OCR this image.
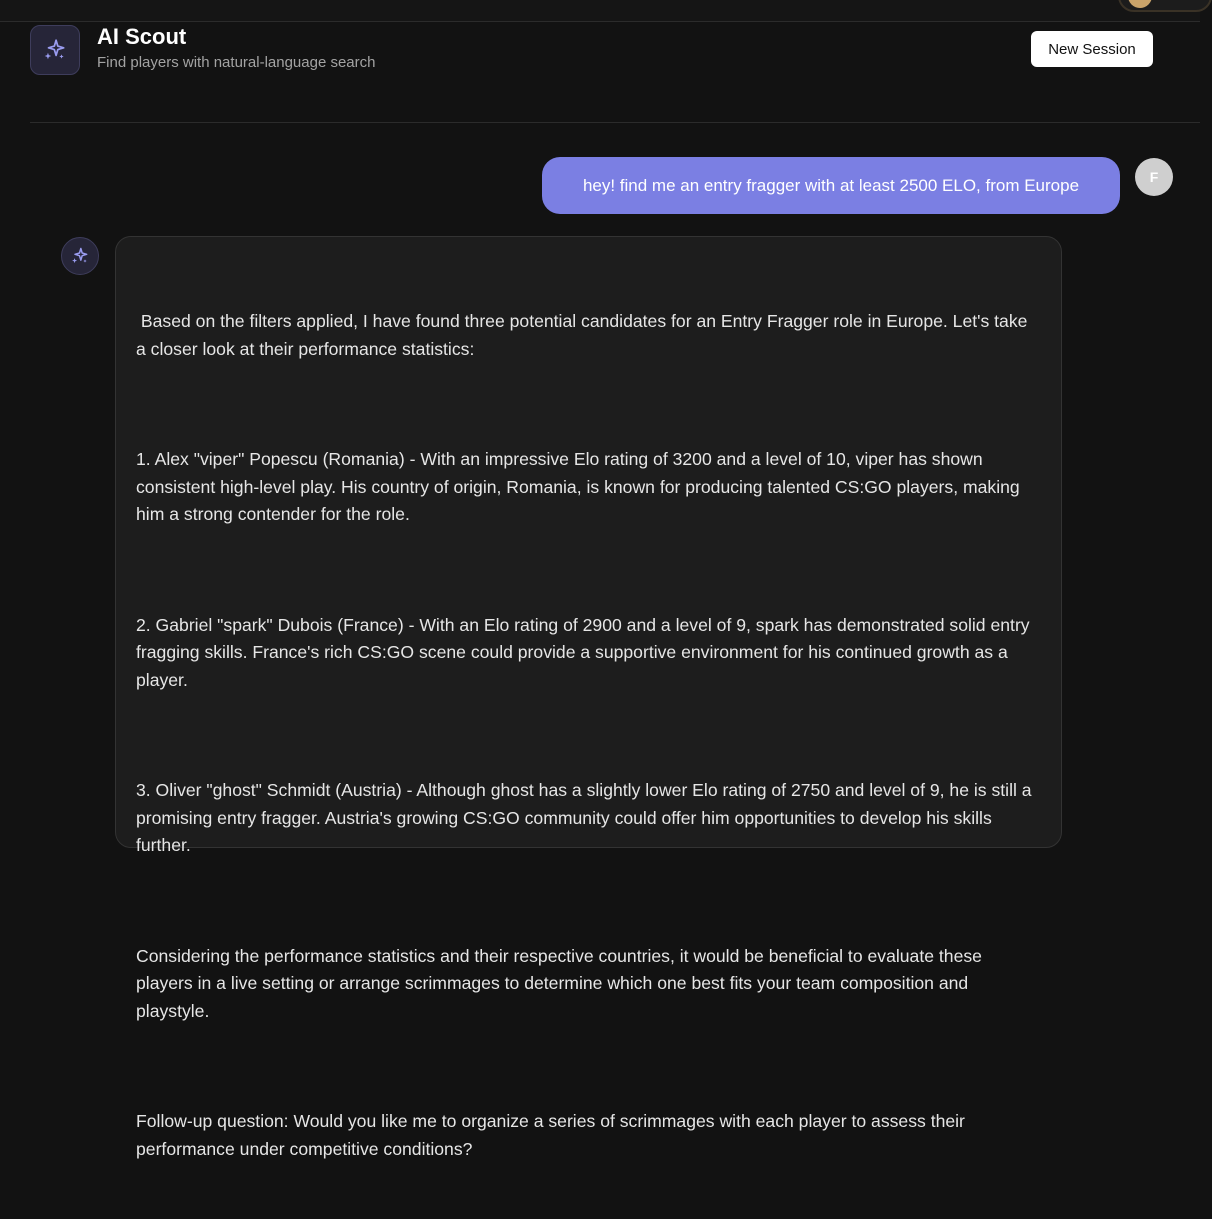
AI Scout
Find players with natural-language search
New Session
hey! find me an entry fragger with at least 2500 ELO, from Europe	F

Based on the filters applied, I have found three potential candidates for an Entry Fragger role in Europe. Let's take a closer look at their performance statistics:

1. Alex "viper" Popescu (Romania) - With an impressive Elo rating of 3200 and a level of 10, viper has shown consistent high-level play. His country of origin, Romania, is known for producing talented CS:GO players, making him a strong contender for the role.

2. Gabriel "spark" Dubois (France) - With an Elo rating of 2900 and a level of 9, spark has demonstrated solid entry fragging skills. France's rich CS:GO scene could provide a supportive environment for his continued growth as a player.

3. Oliver "ghost" Schmidt (Austria) - Although ghost has a slightly lower Elo rating of 2750 and level of 9, he is still a promising entry fragger. Austria's growing CS:GO community could offer him opportunities to develop his skills further.

Considering the performance statistics and their respective countries, it would be beneficial to evaluate these players in a live setting or arrange scrimmages to determine which one best fits your team composition and playstyle.

Follow-up question: Would you like me to organize a series of scrimmages with each player to assess their performance under competitive conditions?
